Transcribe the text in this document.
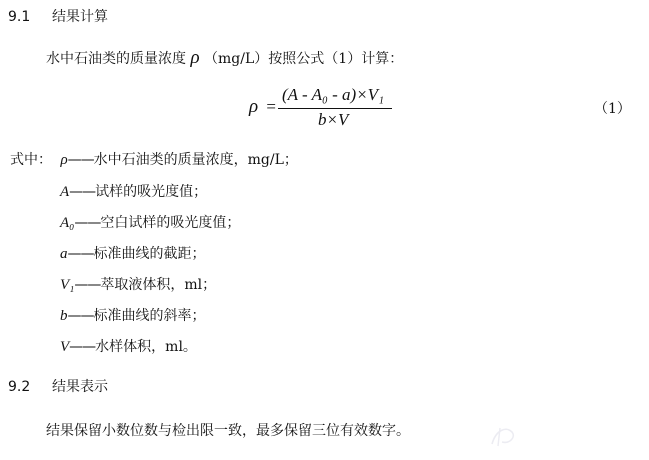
9.1 结果计算
水中石油类的质量浓度 ρ （mg/L）按照公式（1）计算：
ρ =
(A - A₀ - a)×V₁
b×V
（1）
式中： ρ——水中石油类的质量浓度，mg/L；
A——试样的吸光度值；
A₀——空白试样的吸光度值；
a——标准曲线的截距；
V₁——萃取液体积，ml；
b——标准曲线的斜率；
V——水样体积，ml。
9.2 结果表示
结果保留小数位数与检出限一致，最多保留三位有效数字。
